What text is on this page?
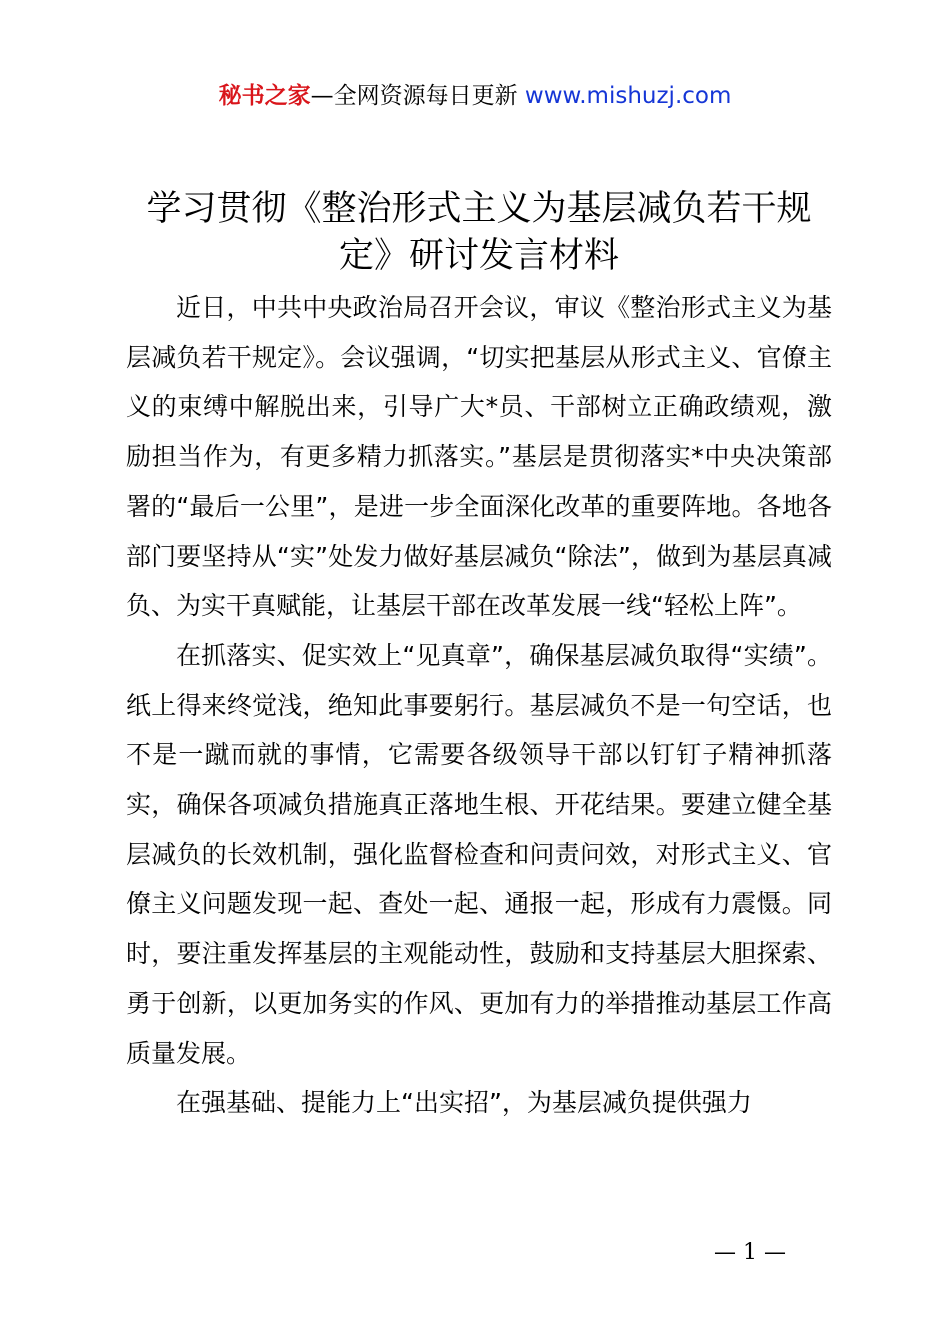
秘书之家—全网资源每日更新 www.mishuzj.com
学习贯彻《整治形式主义为基层减负若干规定》研讨发言材料

近日，中共中央政治局召开会议，审议《整治形式主义为基层减负若干规定》。会议强调，“切实把基层从形式主义、官僚主义的束缚中解脱出来，引导广大*员、干部树立正确政绩观，激励担当作为，有更多精力抓落实。”基层是贯彻落实*中央决策部署的“最后一公里”，是进一步全面深化改革的重要阵地。各地各部门要坚持从“实”处发力做好基层减负“除法”，做到为基层真减负、为实干真赋能，让基层干部在改革发展一线“轻松上阵”。

在抓落实、促实效上“见真章”，确保基层减负取得“实绩”。纸上得来终觉浅，绝知此事要躬行。基层减负不是一句空话，也不是一蹴而就的事情，它需要各级领导干部以钉钉子精神抓落实，确保各项减负措施真正落地生根、开花结果。要建立健全基层减负的长效机制，强化监督检查和问责问效，对形式主义、官僚主义问题发现一起、查处一起、通报一起，形成有力震慑。同时，要注重发挥基层的主观能动性，鼓励和支持基层大胆探索、勇于创新，以更加务实的作风、更加有力的举措推动基层工作高质量发展。

在强基础、提能力上“出实招”，为基层减负提供强力

— 1 —
